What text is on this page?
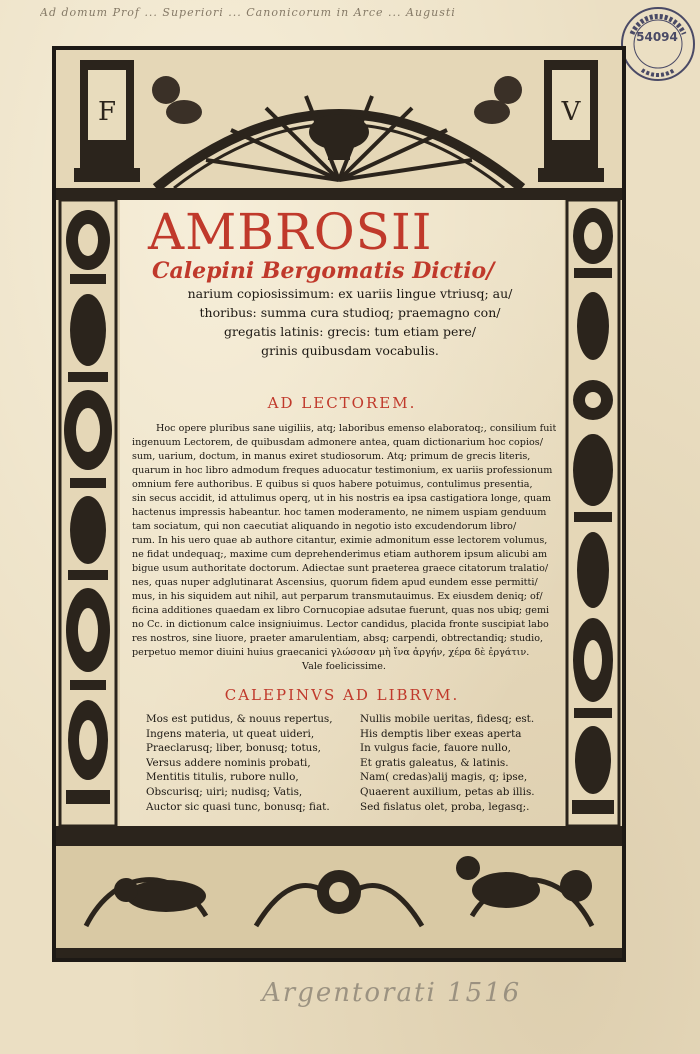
Ad domum Prof ... Superiori ... Canonicorum in Arce ... Augusti
54094
F	V
AMBROSII
Calepini Bergomatis Dictio/
narium copiosissimum: ex uariis lingue vtriusq; au/
thoribus: summa cura studioq; praemagno con/
gregatis latinis: grecis: tum etiam pere/
grinis quibusdam vocabulis.
AD LECTOREM.
Hoc opere pluribus sane uigiliis, atq; laboribus emenso elaboratoq;, consilium fuit
ingenuum Lectorem, de quibusdam admonere antea, quam dictionarium hoc copios/
sum, uarium, doctum, in manus exiret studiosorum. Atq; primum de grecis literis,
quarum in hoc libro admodum freques aduocatur testimonium, ex uariis professionum
omnium fere authoribus. E quibus si quos habere potuimus, contulimus presentia,
sin secus accidit, id attulimus operq, ut in his nostris ea ipsa castigatiora longe, quam
hactenus impressis habeantur. hoc tamen moderamento, ne nimem uspiam genduum
tam sociatum, qui non caecutiat aliquando in negotio isto excudendorum libro/
rum. In his uero quae ab authore citantur, eximie admonitum esse lectorem volumus,
ne fidat undequaq;, maxime cum deprehenderimus etiam authorem ipsum alicubi am
bigue usum authoritate doctorum. Adiectae sunt praeterea graece citatorum tralatio/
nes, quas nuper adglutinarat Ascensius, quorum fidem apud eundem esse permitti/
mus, in his siquidem aut nihil, aut perparum transmutauimus. Ex eiusdem deniq; of/
ficina additiones quaedam ex libro Cornucopiae adsutae fuerunt, quas nos ubiq; gemi
no Cc. in dictionum calce insigniuimus. Lector candidus, placida fronte suscipiat labo
res nostros, sine liuore, praeter amarulentiam, absq; carpendi, obtrectandiq; studio,
perpetuo memor diuini huius graecanici γλώσσαν μὴ ἴνα ἀργήν, χέρα δὲ ἐργάτιν.
Vale foelicissime.
CALEPINVS AD LIBRVM.
Mos est putidus, & nouus repertus,
Ingens materia, ut queat uideri,
Praeclarusq; liber, bonusq; totus,
Versus addere nominis probati,
Mentitis titulis, rubore nullo,
Obscurisq; uiri; nudisq; Vatis,
Auctor sic quasi tunc, bonusq; fiat.
Nullis mobile ueritas, fidesq; est.
His demptis liber exeas aperta
In vulgus facie, fauore nullo,
Et gratis galeatus, & latinis.
Nam( credas)alij magis, q; ipse,
Quaerent auxilium, petas ab illis.
Sed fislatus olet, proba, legasq;.
Argentorati 1516
